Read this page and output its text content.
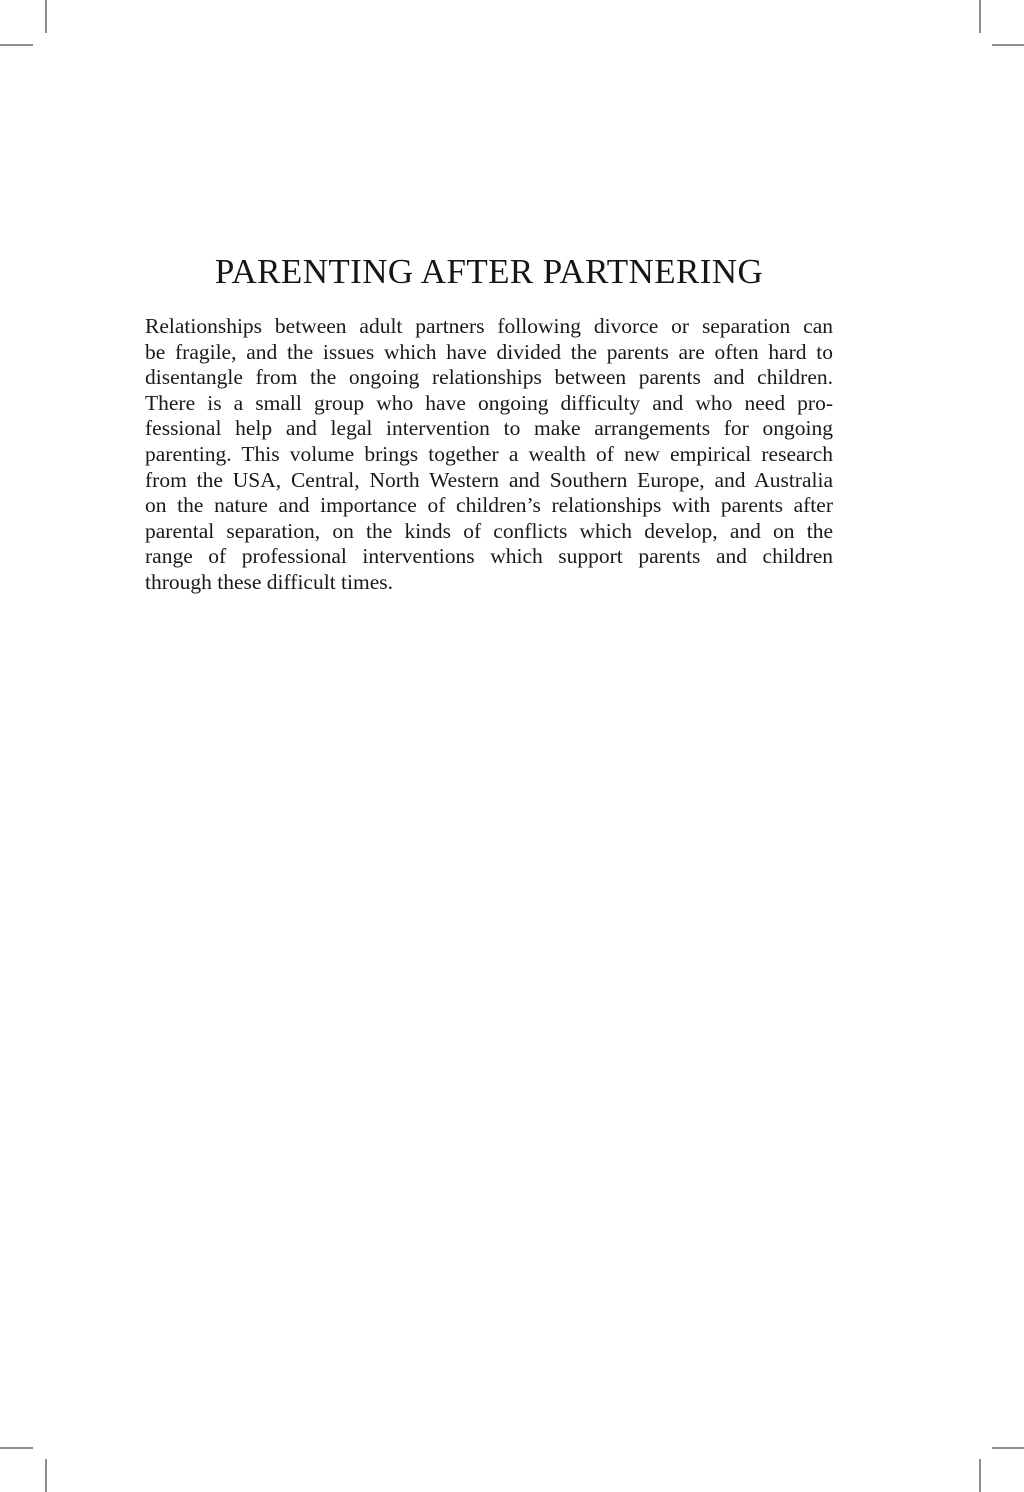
PARENTING AFTER PARTNERING

Relationships between adult partners following divorce or separation can
be fragile, and the issues which have divided the parents are often hard to
disentangle from the ongoing relationships between parents and children.
There is a small group who have ongoing difficulty and who need pro-
fessional help and legal intervention to make arrangements for ongoing
parenting. This volume brings together a wealth of new empirical research
from the USA, Central, North Western and Southern Europe, and Australia
on the nature and importance of children’s relationships with parents after
parental separation, on the kinds of conflicts which develop, and on the
range of professional interventions which support parents and children
through these difficult times.
